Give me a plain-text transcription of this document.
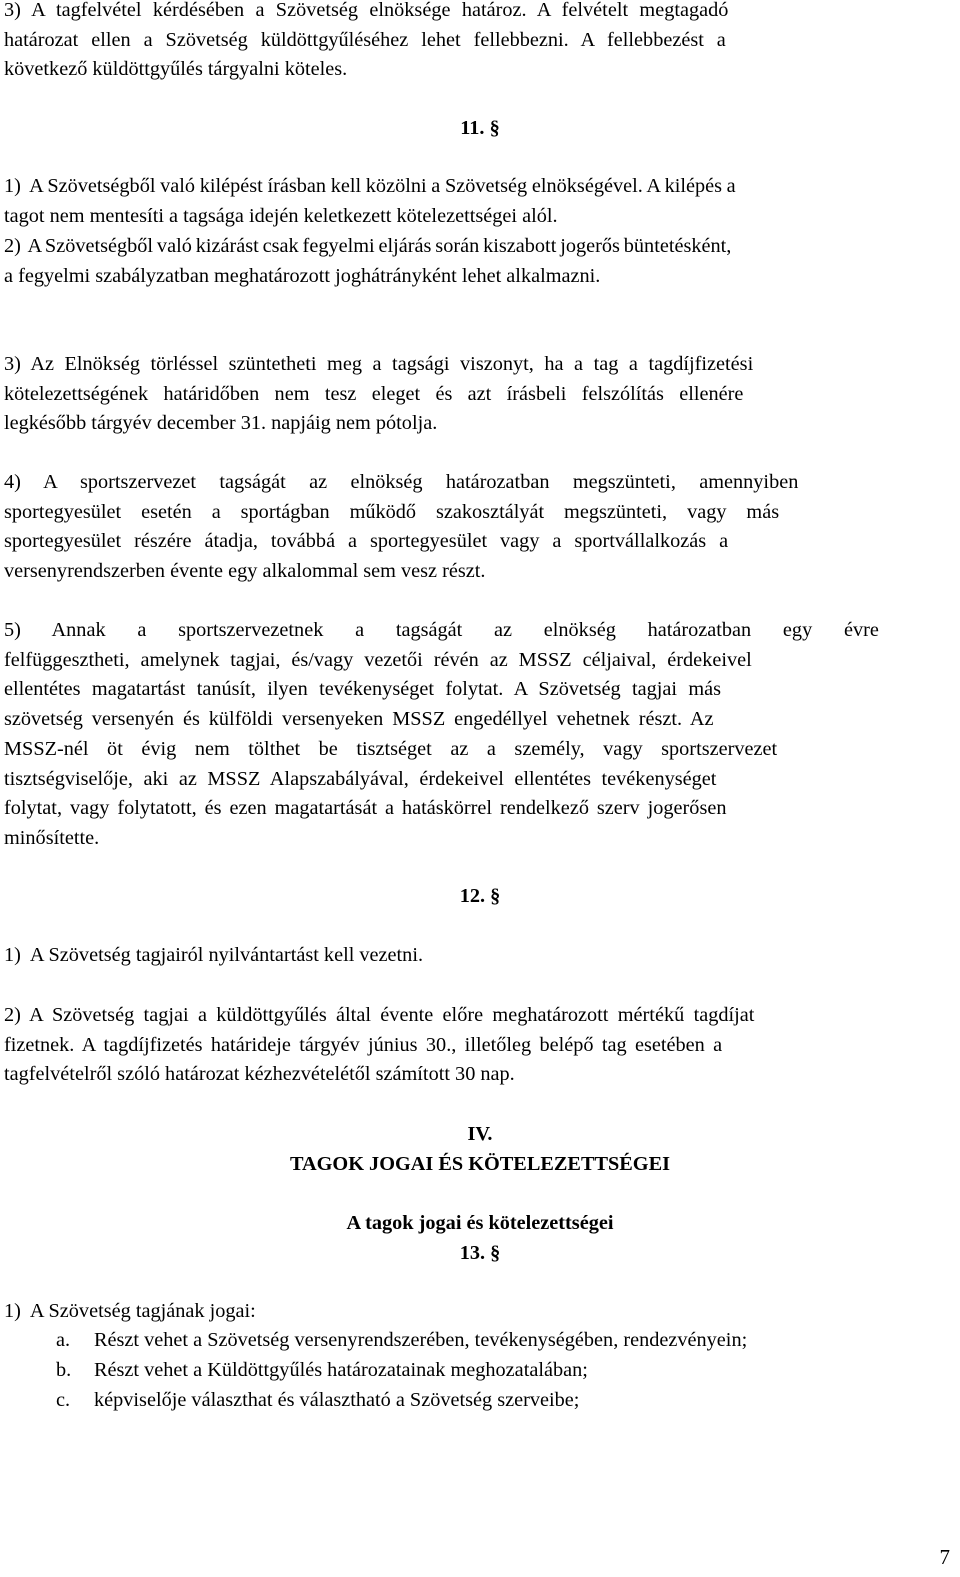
3)  A  tagfelvétel  kérdésében  a  Szövetség  elnöksége  határoz.  A  felvételt  megtagadó
határozat  ellen  a  Szövetség  küldöttgyűléséhez  lehet  fellebbezni.  A  fellebbezést  a
következő küldöttgyűlés tárgyalni köteles.
11. §
1)  A Szövetségből való kilépést írásban kell közölni a Szövetség elnökségével. A kilépés a
tagot nem mentesíti a tagsága idején keletkezett kötelezettségei alól.
2)  A Szövetségből való kizárást csak fegyelmi eljárás során kiszabott jogerős büntetésként,
a fegyelmi szabályzatban meghatározott joghátrányként lehet alkalmazni.
3)  Az  Elnökség  törléssel  szüntetheti  meg  a  tagsági  viszonyt,  ha  a  tag  a  tagdíjfizetési
kötelezettségének  határidőben  nem  tesz  eleget  és  azt  írásbeli  felszólítás  ellenére
legkésőbb tárgyév december 31. napjáig nem pótolja.
4)  A  sportszervezet  tagságát  az  elnökség  határozatban  megszünteti,  amennyiben
sportegyesület  esetén  a  sportágban  működő  szakosztályát  megszünteti,  vagy  más
sportegyesület  részére  átadja,  továbbá  a  sportegyesület  vagy  a  sportvállalkozás  a
versenyrendszerben évente egy alkalommal sem vesz részt.
5)  Annak  a  sportszervezetnek  a  tagságát  az  elnökség  határozatban  egy  évre
felfüggesztheti,  amelynek  tagjai,  és/vagy  vezetői  révén  az  MSSZ  céljaival,  érdekeivel
ellentétes  magatartást  tanúsít,  ilyen  tevékenységet  folytat.  A  Szövetség  tagjai  más
szövetség  versenyén  és  külföldi  versenyeken  MSSZ  engedéllyel  vehetnek  részt.  Az
MSSZ-nél  öt  évig  nem  tölthet  be  tisztséget  az  a  személy,  vagy  sportszervezet
tisztségviselője,  aki  az  MSSZ  Alapszabályával,  érdekeivel  ellentétes  tevékenységet
folytat,  vagy  folytatott,  és  ezen  magatartását  a  hatáskörrel  rendelkező  szerv  jogerősen
minősítette.
12. §
1)  A Szövetség tagjairól nyilvántartást kell vezetni.
2)  A  Szövetség  tagjai  a  küldöttgyűlés  által  évente  előre  meghatározott  mértékű  tagdíjat
fizetnek.  A  tagdíjfizetés  határideje  tárgyév  június  30.,  illetőleg  belépő  tag  esetében  a
tagfelvételről szóló határozat kézhezvételétől számított 30 nap.
IV.
TAGOK JOGAI ÉS KÖTELEZETTSÉGEI
A tagok jogai és kötelezettségei
13. §
1)  A Szövetség tagjának jogai:
a.	Részt vehet a Szövetség versenyrendszerében, tevékenységében, rendezvényein;
b.	Részt vehet a Küldöttgyűlés határozatainak meghozatalában;
c.	képviselője választhat és választható a Szövetség szerveibe;
7
